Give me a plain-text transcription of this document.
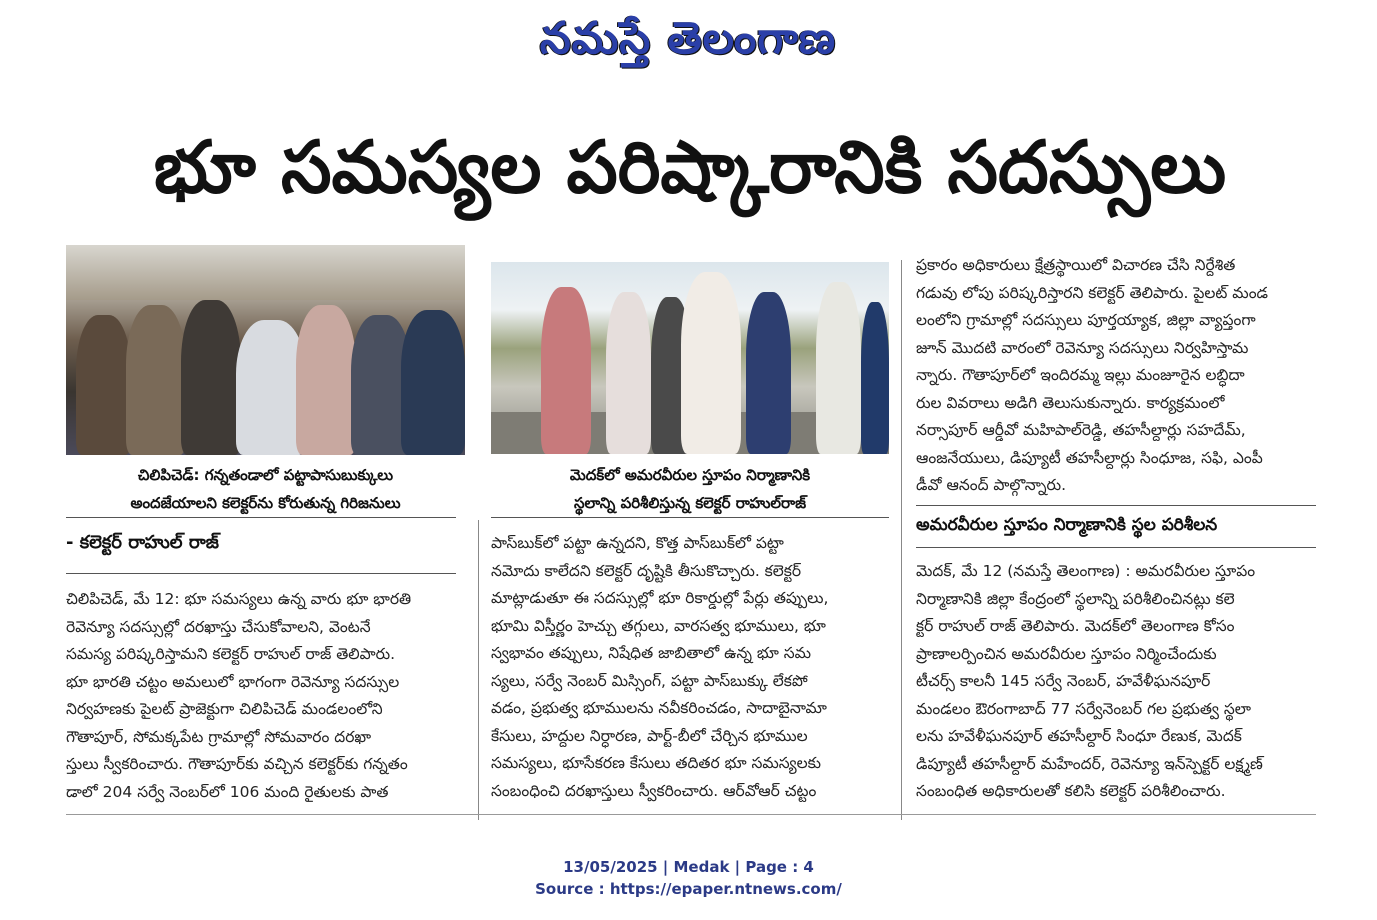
నమస్తే తెలంగాణ
భూ సమస్యల పరిష్కారానికి సదస్సులు
చిలిపిచెడ్: గన్నతండాలో పట్టాపాసుబుక్కులు
అందజేయాలని కలెక్టర్‌ను కోరుతున్న గిరిజనులు
మెదక్‌లో అమరవీరుల స్తూపం నిర్మాణానికి
స్థలాన్ని పరిశీలిస్తున్న కలెక్టర్ రాహుల్‌రాజ్
- కలెక్టర్ రాహుల్ రాజ్

చిలిపిచెడ్, మే 12: భూ సమస్యలు ఉన్న వారు భూ భారతి

రెవెన్యూ సదస్సుల్లో దరఖాస్తు చేసుకోవాలని, వెంటనే

సమస్య పరిష్కరిస్తామని కలెక్టర్ రాహుల్ రాజ్ తెలిపారు.

భూ భారతి చట్టం అమలులో భాగంగా రెవెన్యూ సదస్సుల

నిర్వహణకు పైలట్ ప్రాజెక్టుగా చిలిపిచెడ్ మండలంలోని

గౌతాపూర్, సోమక్కపేట గ్రామాల్లో సోమవారం దరఖా

స్తులు స్వీకరించారు. గౌతాపూర్‌కు వచ్చిన కలెక్టర్‌కు గన్నతం

డాలో 204 సర్వే నెంబర్‌లో 106 మంది రైతులకు పాత

పాస్‌బుక్‌లో పట్టా ఉన్నదని, కొత్త పాస్‌బుక్‌లో పట్టా

నమోదు కాలేదని కలెక్టర్ దృష్టికి తీసుకొచ్చారు. కలెక్టర్

మాట్లాడుతూ ఈ సదస్సుల్లో భూ రికార్డుల్లో పేర్లు తప్పులు,

భూమి విస్తీర్ణం హెచ్చు తగ్గులు, వారసత్వ భూములు, భూ

స్వభావం తప్పులు, నిషేధిత జాబితాలో ఉన్న భూ సమ

స్యలు, సర్వే నెంబర్ మిస్సింగ్, పట్టా పాస్‌బుక్కు లేకపో

వడం, ప్రభుత్వ భూములను నవీకరించడం, సాదాబైనామా

కేసులు, హద్దుల నిర్ధారణ, పార్ట్-బీలో చేర్చిన భూముల

సమస్యలు, భూసేకరణ కేసులు తదితర భూ సమస్యలకు

సంబంధించి దరఖాస్తులు స్వీకరించారు. ఆర్‌వోఆర్ చట్టం

ప్రకారం అధికారులు క్షేత్రస్థాయిలో విచారణ చేసి నిర్దేశిత

గడువు లోపు పరిష్కరిస్తారని కలెక్టర్ తెలిపారు. పైలట్ మండ

లంలోని గ్రామాల్లో సదస్సులు పూర్తయ్యాక, జిల్లా వ్యాప్తంగా

జూన్ మొదటి వారంలో రెవెన్యూ సదస్సులు నిర్వహిస్తామ

న్నారు. గౌతాపూర్‌లో ఇందిరమ్మ ఇల్లు మంజూరైన లబ్ధిదా

రుల వివరాలు అడిగి తెలుసుకున్నారు. కార్యక్రమంలో

నర్సాపూర్ ఆర్డీవో మహిపాల్‌రెడ్డి, తహసీల్దార్లు సహదేమ్,

ఆంజనేయులు, డిప్యూటీ తహసీల్దార్లు సింధూజ, సఫి, ఎంపీ

డీవో ఆనంద్ పాల్గొన్నారు.

అమరవీరుల స్తూపం నిర్మాణానికి స్థల పరిశీలన

మెదక్, మే 12 (నమస్తే తెలంగాణ) : అమరవీరుల స్తూపం

నిర్మాణానికి జిల్లా కేంద్రంలో స్థలాన్ని పరిశీలించినట్లు కలె

క్టర్ రాహుల్ రాజ్ తెలిపారు. మెదక్‌లో తెలంగాణ కోసం

ప్రాణాలర్పించిన అమరవీరుల స్తూపం నిర్మించేందుకు

టీచర్స్ కాలనీ 145 సర్వే నెంబర్, హవేళీఘనపూర్

మండలం ఔరంగాబాద్ 77 సర్వేనెంబర్ గల ప్రభుత్వ స్థలా

లను హవేళీఘనపూర్ తహసీల్దార్ సింధూ రేణుక, మెదక్

డిప్యూటీ తహసీల్దార్ మహేందర్, రెవెన్యూ ఇన్‌స్పెక్టర్ లక్ష్మణ్

సంబంధిత అధికారులతో కలిసి కలెక్టర్ పరిశీలించారు.

13/05/2025 | Medak | Page : 4
Source : https://epaper.ntnews.com/
